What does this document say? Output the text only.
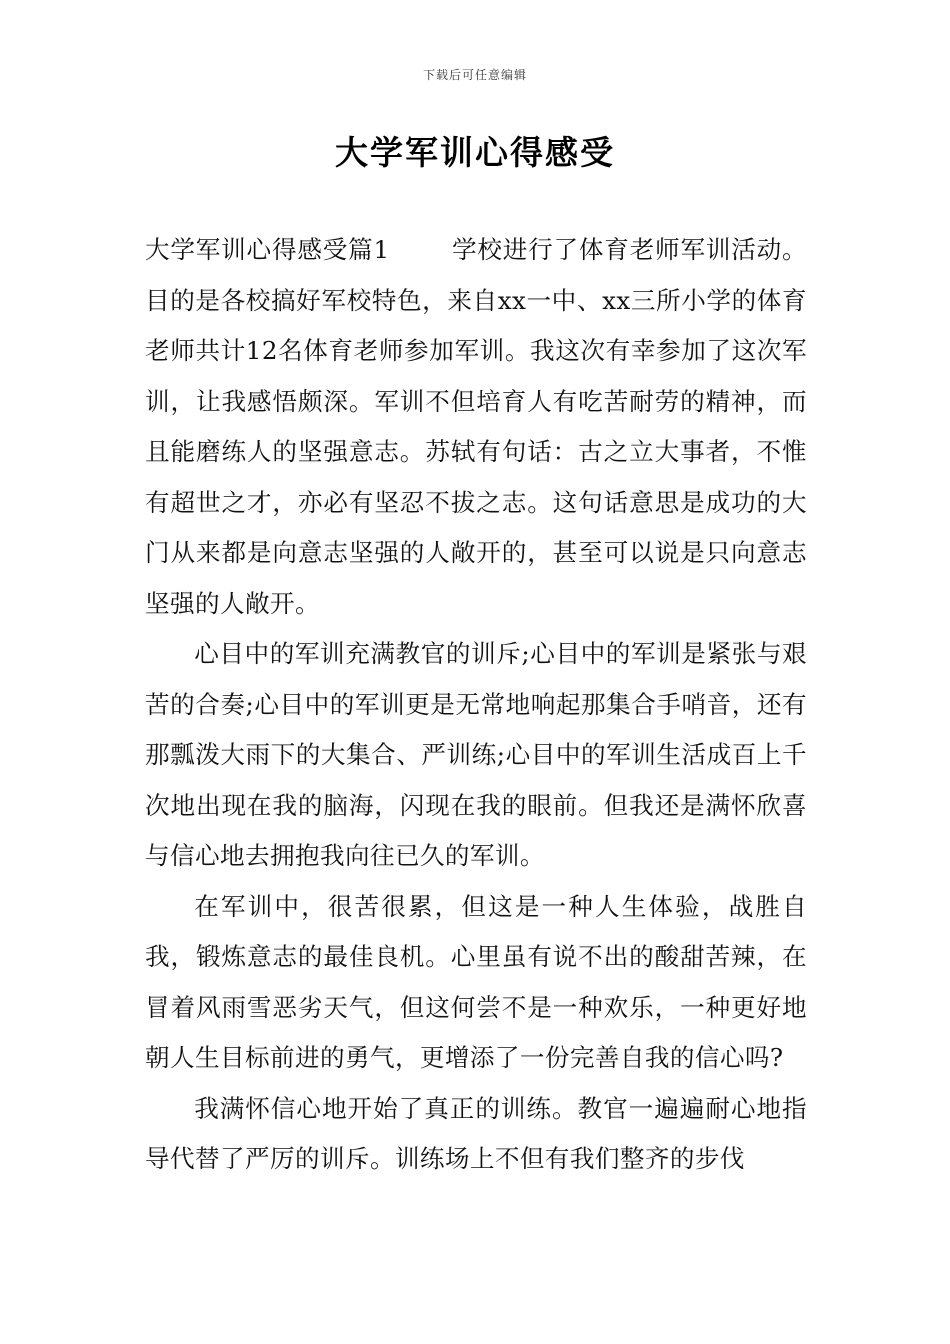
下载后可任意编辑
大学军训心得感受

大学军训心得感受篇1	学校进行了体育老师军训活动。目的是各校搞好军校特色，来自xx一中、xx三所小学的体育老师共计12名体育老师参加军训。我这次有幸参加了这次军训，让我感悟颇深。军训不但培育人有吃苦耐劳的精神，而且能磨练人的坚强意志。苏轼有句话：古之立大事者，不惟有超世之才，亦必有坚忍不拔之志。这句话意思是成功的大门从来都是向意志坚强的人敞开的，甚至可以说是只向意志坚强的人敞开。

心目中的军训充满教官的训斥;心目中的军训是紧张与艰苦的合奏;心目中的军训更是无常地响起那集合手哨音，还有那瓢泼大雨下的大集合、严训练;心目中的军训生活成百上千次地出现在我的脑海，闪现在我的眼前。但我还是满怀欣喜与信心地去拥抱我向往已久的军训。

在军训中，很苦很累，但这是一种人生体验，战胜自我，锻炼意志的最佳良机。心里虽有说不出的酸甜苦辣，在冒着风雨雪恶劣天气，但这何尝不是一种欢乐，一种更好地朝人生目标前进的勇气，更增添了一份完善自我的信心吗?

我满怀信心地开始了真正的训练。教官一遍遍耐心地指导代替了严厉的训斥。训练场上不但有我们整齐的步伐
